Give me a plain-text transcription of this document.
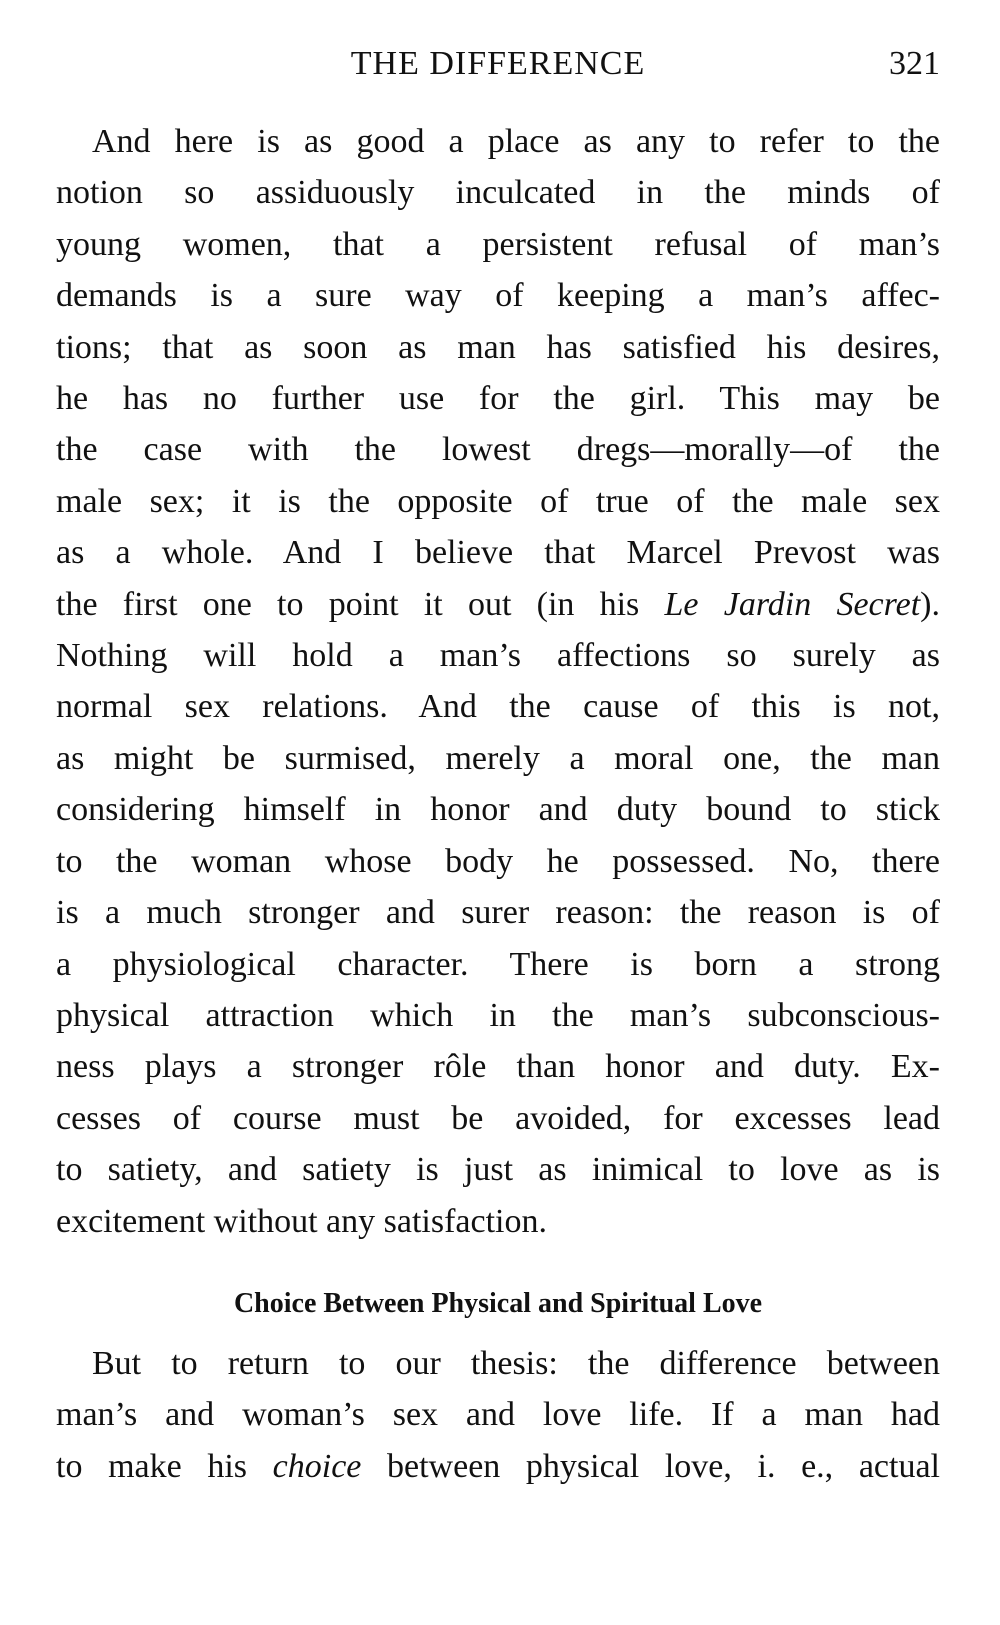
THE DIFFERENCE	321
And here is as good a place as any to refer to the
notion so assiduously inculcated in the minds of
young women, that a persistent refusal of man’s
demands is a sure way of keeping a man’s affec-
tions; that as soon as man has satisfied his desires,
he has no further use for the girl. This may be
the case with the lowest dregs—morally—of the
male sex; it is the opposite of true of the male sex
as a whole. And I believe that Marcel Prevost was
the first one to point it out (in his Le Jardin Secret).
Nothing will hold a man’s affections so surely as
normal sex relations. And the cause of this is not,
as might be surmised, merely a moral one, the man
considering himself in honor and duty bound to stick
to the woman whose body he possessed. No, there
is a much stronger and surer reason: the reason is of
a physiological character. There is born a strong
physical attraction which in the man’s subconscious-
ness plays a stronger rôle than honor and duty. Ex-
cesses of course must be avoided, for excesses lead
to satiety, and satiety is just as inimical to love as is
excitement without any satisfaction.
Choice Between Physical and Spiritual Love
But to return to our thesis: the difference between
man’s and woman’s sex and love life. If a man had
to make his choice between physical love, i. e., actual
